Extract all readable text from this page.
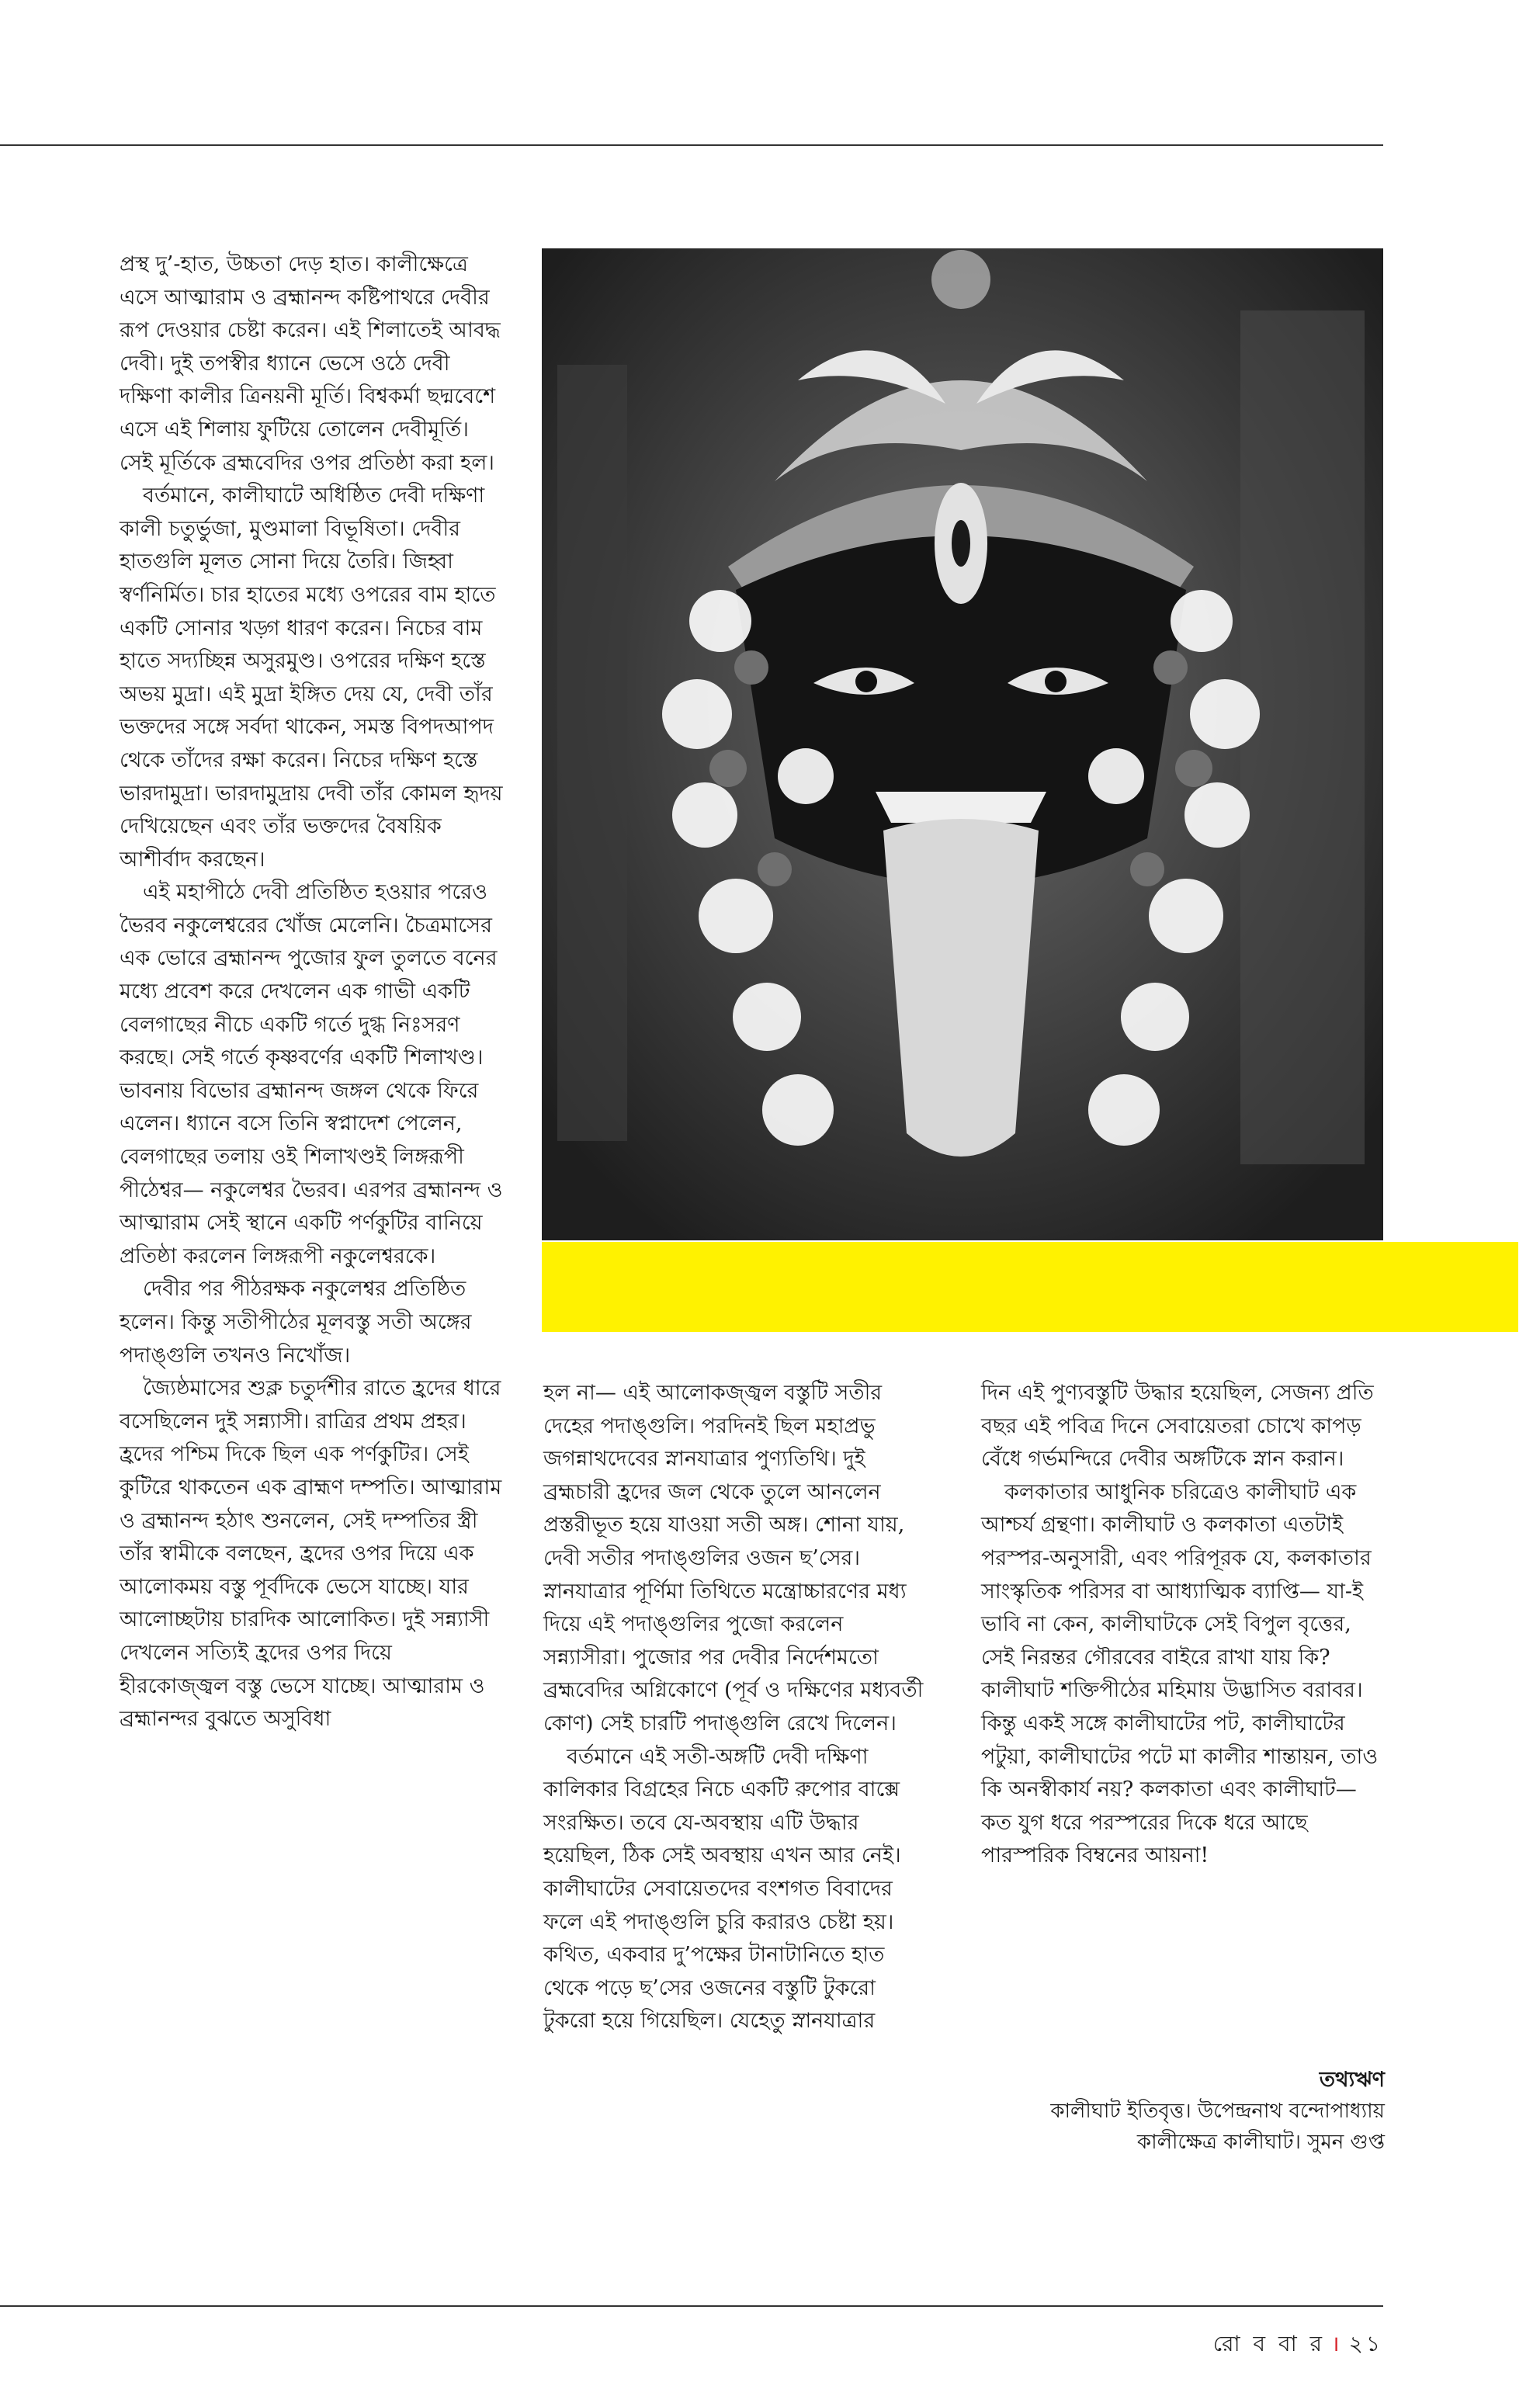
প্রস্থ দু’-হাত, উচ্চতা দেড় হাত। কালীক্ষেত্রে এসে আত্মারাম ও ব্রহ্মানন্দ কষ্টিপাথরে দেবীর রূপ দেওয়ার চেষ্টা করেন। এই শিলাতেই আবদ্ধ দেবী। দুই তপস্বীর ধ্যানে ভেসে ওঠে দেবী দক্ষিণা কালীর ত্রিনয়নী মূর্তি। বিশ্বকর্মা ছদ্মবেশে এসে এই শিলায় ফুটিয়ে তোলেন দেবীমূর্তি। সেই মূর্তিকে ব্রহ্মবেদির ওপর প্রতিষ্ঠা করা হল।

বর্তমানে, কালীঘাটে অধিষ্ঠিত দেবী দক্ষিণা কালী চতুর্ভুজা, মুণ্ডমালা বিভূষিতা। দেবীর হাতগুলি মূলত সোনা দিয়ে তৈরি। জিহ্বা স্বর্ণনির্মিত। চার হাতের মধ্যে ওপরের বাম হাতে একটি সোনার খড়্গ ধারণ করেন। নিচের বাম হাতে সদ্যচ্ছিন্ন অসুরমুণ্ড। ওপরের দক্ষিণ হস্তে অভয় মুদ্রা। এই মুদ্রা ইঙ্গিত দেয় যে, দেবী তাঁর ভক্তদের সঙ্গে সর্বদা থাকেন, সমস্ত বিপদআপদ থেকে তাঁদের রক্ষা করেন। নিচের দক্ষিণ হস্তে ভারদামুদ্রা। ভারদামুদ্রায় দেবী তাঁর কোমল হৃদয় দেখিয়েছেন এবং তাঁর ভক্তদের বৈষয়িক আশীর্বাদ করছেন।

এই মহাপীঠে দেবী প্রতিষ্ঠিত হওয়ার পরেও ভৈরব নকুলেশ্বরের খোঁজ মেলেনি। চৈত্রমাসের এক ভোরে ব্রহ্মানন্দ পুজোর ফুল তুলতে বনের মধ্যে প্রবেশ করে দেখলেন এক গাভী একটি বেলগাছের নীচে একটি গর্তে দুগ্ধ নিঃসরণ করছে। সেই গর্তে কৃষ্ণবর্ণের একটি শিলাখণ্ড। ভাবনায় বিভোর ব্রহ্মানন্দ জঙ্গল থেকে ফিরে এলেন। ধ্যানে বসে তিনি স্বপ্নাদেশ পেলেন, বেলগাছের তলায় ওই শিলাখণ্ডই লিঙ্গরূপী পীঠেশ্বর— নকুলেশ্বর ভৈরব। এরপর ব্রহ্মানন্দ ও আত্মারাম সেই স্থানে একটি পর্ণকুটির বানিয়ে প্রতিষ্ঠা করলেন লিঙ্গরূপী নকুলেশ্বরকে।

দেবীর পর পীঠরক্ষক নকুলেশ্বর প্রতিষ্ঠিত হলেন। কিন্তু সতীপীঠের মূলবস্তু সতী অঙ্গের পদাঙ্গুলি তখনও নিখোঁজ।

জ্যৈষ্ঠমাসের শুক্ল চতুর্দশীর রাতে হ্রদের ধারে বসেছিলেন দুই সন্ন্যাসী। রাত্রির প্রথম প্রহর। হ্রদের পশ্চিম দিকে ছিল এক পর্ণকুটির। সেই কুটিরে থাকতেন এক ব্রাহ্মণ দম্পতি। আত্মারাম ও ব্রহ্মানন্দ হঠাৎ শুনলেন, সেই দম্পতির স্ত্রী তাঁর স্বামীকে বলছেন, হ্রদের ওপর দিয়ে এক আলোকময় বস্তু পূর্বদিকে ভেসে যাচ্ছে। যার আলোচ্ছটায় চারদিক আলোকিত। দুই সন্ন্যাসী দেখলেন সত্যিই হ্রদের ওপর দিয়ে হীরকোজ্জ্বল বস্তু ভেসে যাচ্ছে। আত্মারাম ও ব্রহ্মানন্দর বুঝতে অসুবিধা

হল না— এই আলোকজ্জ্বল বস্তুটি সতীর দেহের পদাঙ্গুলি। পরদিনই ছিল মহাপ্রভু জগন্নাথদেবের স্নানযাত্রার পুণ্যতিথি। দুই ব্রহ্মচারী হ্রদের জল থেকে তুলে আনলেন প্রস্তরীভূত হয়ে যাওয়া সতী অঙ্গ। শোনা যায়, দেবী সতীর পদাঙ্গুলির ওজন ছ’সের। স্নানযাত্রার পূর্ণিমা তিথিতে মন্ত্রোচ্চারণের মধ্য দিয়ে এই পদাঙ্গুলির পুজো করলেন সন্ন্যাসীরা। পুজোর পর দেবীর নির্দেশমতো ব্রহ্মবেদির অগ্নিকোণে (পূর্ব ও দক্ষিণের মধ্যবর্তী কোণ) সেই চারটি পদাঙ্গুলি রেখে দিলেন।

বর্তমানে এই সতী-অঙ্গটি দেবী দক্ষিণা কালিকার বিগ্রহের নিচে একটি রুপোর বাক্সে সংরক্ষিত। তবে যে-অবস্থায় এটি উদ্ধার হয়েছিল, ঠিক সেই অবস্থায় এখন আর নেই। কালীঘাটের সেবায়েতদের বংশগত বিবাদের ফলে এই পদাঙ্গুলি চুরি করারও চেষ্টা হয়। কথিত, একবার দু’পক্ষের টানাটানিতে হাত থেকে পড়ে ছ’সের ওজনের বস্তুটি টুকরো টুকরো হয়ে গিয়েছিল। যেহেতু স্নানযাত্রার

দিন এই পুণ্যবস্তুটি উদ্ধার হয়েছিল, সেজন্য প্রতি বছর এই পবিত্র দিনে সেবায়েতরা চোখে কাপড় বেঁধে গর্ভমন্দিরে দেবীর অঙ্গটিকে স্নান করান।

কলকাতার আধুনিক চরিত্রেও কালীঘাট এক আশ্চর্য গ্রন্থণা। কালীঘাট ও কলকাতা এতটাই পরস্পর-অনুসারী, এবং পরিপূরক যে, কলকাতার সাংস্কৃতিক পরিসর বা আধ্যাত্মিক ব্যাপ্তি— যা-ই ভাবি না কেন, কালীঘাটকে সেই বিপুল বৃত্তের, সেই নিরন্তর গৌরবের বাইরে রাখা যায় কি? কালীঘাট শক্তিপীঠের মহিমায় উদ্ভাসিত বরাবর। কিন্তু একই সঙ্গে কালীঘাটের পট, কালীঘাটের পটুয়া, কালীঘাটের পটে মা কালীর শান্তায়ন, তাও কি অনস্বীকার্য নয়? কলকাতা এবং কালীঘাট— কত যুগ ধরে পরস্পরের দিকে ধরে আছে পারস্পরিক বিম্বনের আয়না!

তথ্যঋণ
কালীঘাট ইতিবৃত্ত। উপেন্দ্রনাথ বন্দোপাধ্যায়
কালীক্ষেত্র কালীঘাট। সুমন গুপ্ত
রো ব বা র । ২১
